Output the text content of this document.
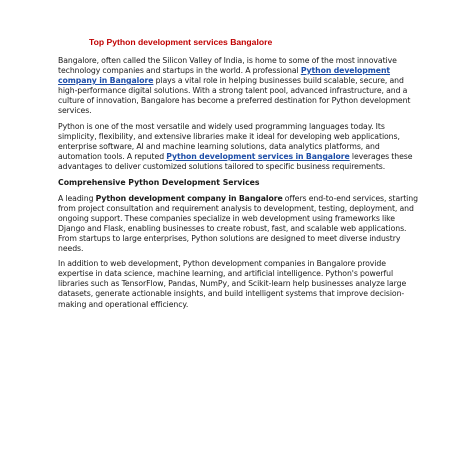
Top Python development services Bangalore

Bangalore, often called the Silicon Valley of India, is home to some of the most innovative technology companies and startups in the world. A professional Python development company in Bangalore plays a vital role in helping businesses build scalable, secure, and high-performance digital solutions. With a strong talent pool, advanced infrastructure, and a culture of innovation, Bangalore has become a preferred destination for Python development services.

Python is one of the most versatile and widely used programming languages today. Its simplicity, flexibility, and extensive libraries make it ideal for developing web applications, enterprise software, AI and machine learning solutions, data analytics platforms, and automation tools. A reputed Python development services in Bangalore leverages these advantages to deliver customized solutions tailored to specific business requirements.

Comprehensive Python Development Services

A leading Python development company in Bangalore offers end-to-end services, starting from project consultation and requirement analysis to development, testing, deployment, and ongoing support. These companies specialize in web development using frameworks like Django and Flask, enabling businesses to create robust, fast, and scalable web applications. From startups to large enterprises, Python solutions are designed to meet diverse industry needs.

In addition to web development, Python development companies in Bangalore provide expertise in data science, machine learning, and artificial intelligence. Python's powerful libraries such as TensorFlow, Pandas, NumPy, and Scikit-learn help businesses analyze large datasets, generate actionable insights, and build intelligent systems that improve decision-making and operational efficiency.
